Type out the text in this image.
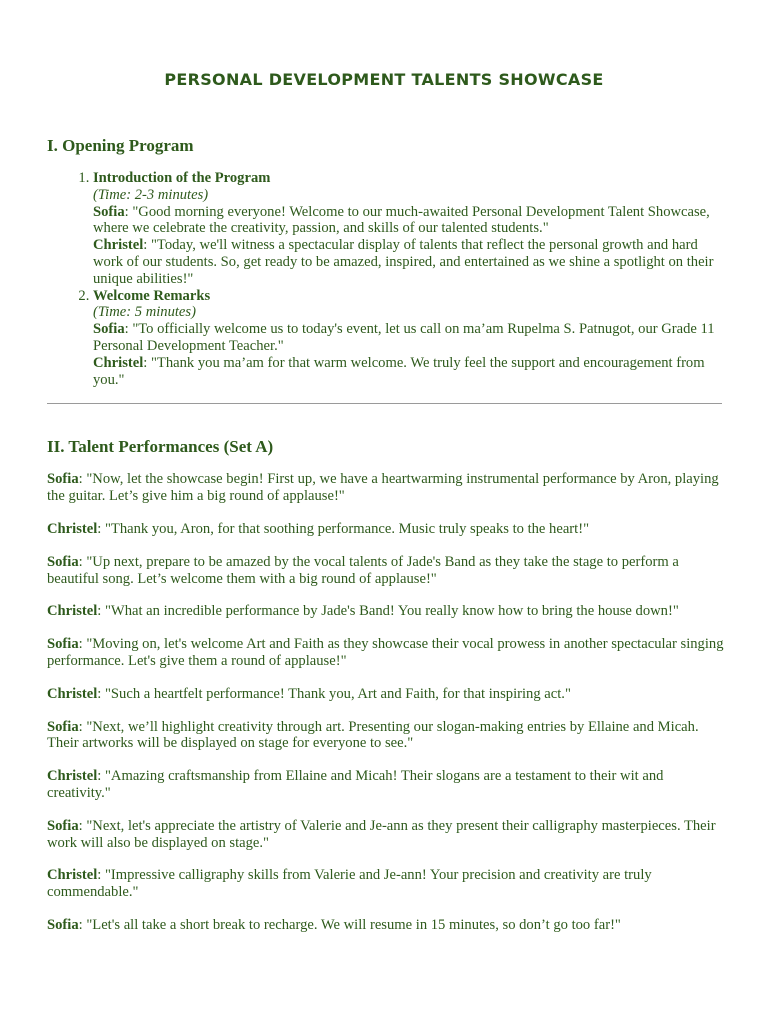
PERSONAL DEVELOPMENT TALENTS SHOWCASE
I. Opening Program
1. Introduction of the Program
(Time: 2-3 minutes)
Sofia: "Good morning everyone! Welcome to our much-awaited Personal Development Talent Showcase, where we celebrate the creativity, passion, and skills of our talented students."
Christel: "Today, we'll witness a spectacular display of talents that reflect the personal growth and hard work of our students. So, get ready to be amazed, inspired, and entertained as we shine a spotlight on their unique abilities!"
2. Welcome Remarks
(Time: 5 minutes)
Sofia: "To officially welcome us to today's event, let us call on ma’am Rupelma S. Patnugot, our Grade 11 Personal Development Teacher."
Christel: "Thank you ma’am for that warm welcome. We truly feel the support and encouragement from you."
II. Talent Performances (Set A)

Sofia: "Now, let the showcase begin! First up, we have a heartwarming instrumental performance by Aron, playing the guitar. Let’s give him a big round of applause!"

Christel: "Thank you, Aron, for that soothing performance. Music truly speaks to the heart!"

Sofia: "Up next, prepare to be amazed by the vocal talents of Jade's Band as they take the stage to perform a beautiful song. Let’s welcome them with a big round of applause!"

Christel: "What an incredible performance by Jade's Band! You really know how to bring the house down!"

Sofia: "Moving on, let's welcome Art and Faith as they showcase their vocal prowess in another spectacular singing performance. Let's give them a round of applause!"

Christel: "Such a heartfelt performance! Thank you, Art and Faith, for that inspiring act."

Sofia: "Next, we’ll highlight creativity through art. Presenting our slogan-making entries by Ellaine and Micah. Their artworks will be displayed on stage for everyone to see."

Christel: "Amazing craftsmanship from Ellaine and Micah! Their slogans are a testament to their wit and creativity."

Sofia: "Next, let's appreciate the artistry of Valerie and Je-ann as they present their calligraphy masterpieces. Their work will also be displayed on stage."

Christel: "Impressive calligraphy skills from Valerie and Je-ann! Your precision and creativity are truly commendable."

Sofia: "Let's all take a short break to recharge. We will resume in 15 minutes, so don’t go too far!"
